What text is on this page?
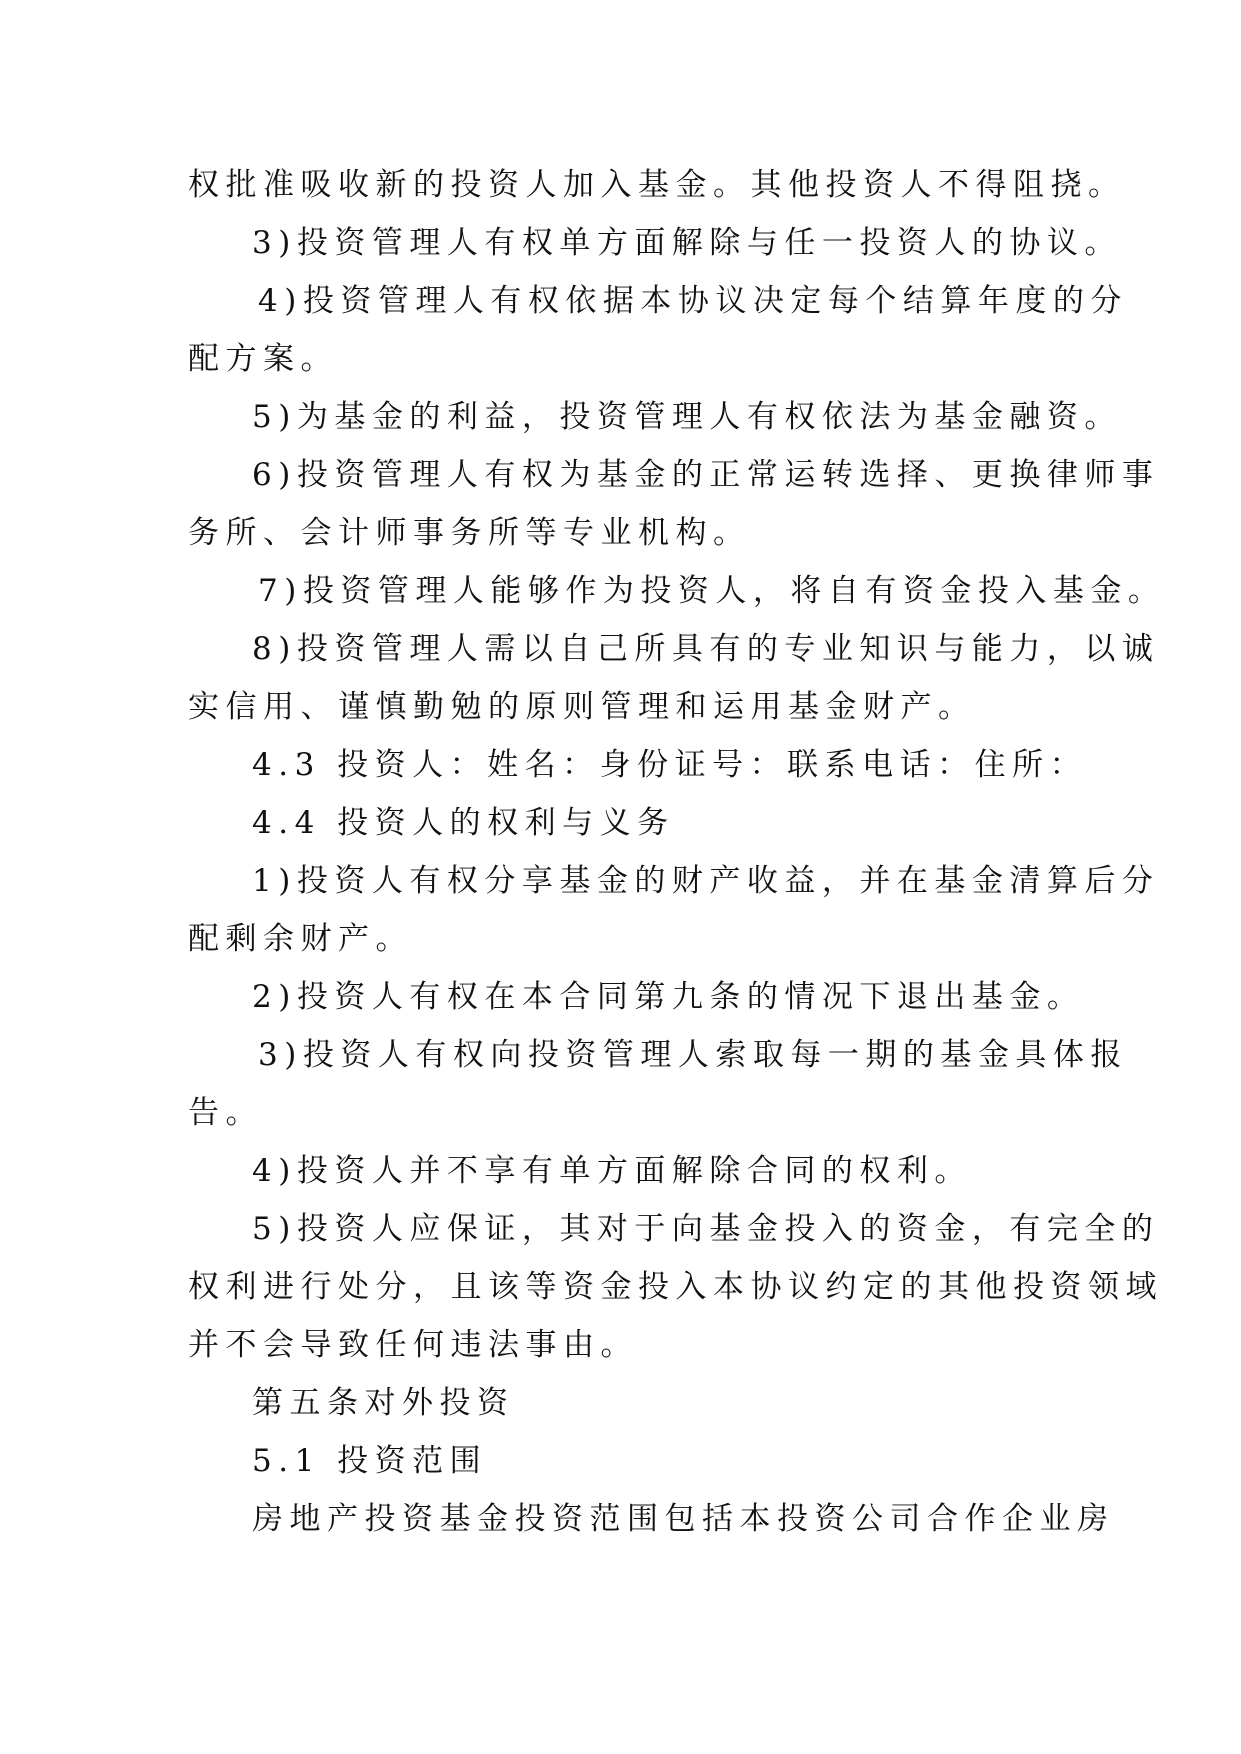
权批准吸收新的投资人加入基金。其他投资人不得阻挠。
3)投资管理人有权单方面解除与任一投资人的协议。
4)投资管理人有权依据本协议决定每个结算年度的分
配方案。
5)为基金的利益，投资管理人有权依法为基金融资。
6)投资管理人有权为基金的正常运转选择、更换律师事
务所、会计师事务所等专业机构。
7)投资管理人能够作为投资人，将自有资金投入基金。
8)投资管理人需以自己所具有的专业知识与能力，以诚
实信用、谨慎勤勉的原则管理和运用基金财产。
4.3 投资人：姓名：身份证号：联系电话：住所：
4.4 投资人的权利与义务
1)投资人有权分享基金的财产收益，并在基金清算后分
配剩余财产。
2)投资人有权在本合同第九条的情况下退出基金。
3)投资人有权向投资管理人索取每一期的基金具体报
告。
4)投资人并不享有单方面解除合同的权利。
5)投资人应保证，其对于向基金投入的资金，有完全的
权利进行处分，且该等资金投入本协议约定的其他投资领域
并不会导致任何违法事由。
第五条对外投资
5.1 投资范围
房地产投资基金投资范围包括本投资公司合作企业房
